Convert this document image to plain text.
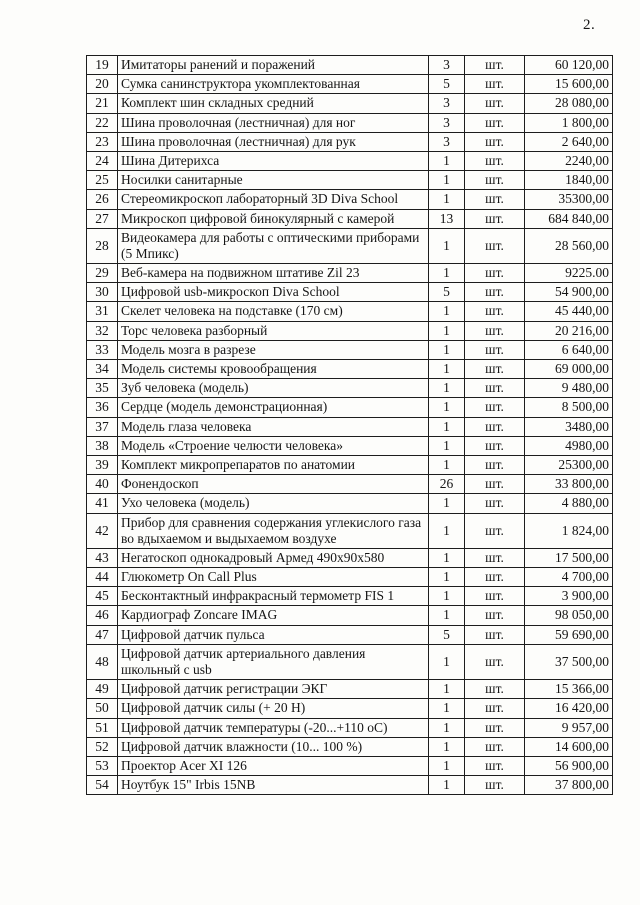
2.
19	Имитаторы ранений и поражений	3	шт.	60 120,00
20	Сумка санинструктора укомплектованная	5	шт.	15 600,00
21	Комплект шин складных средний	3	шт.	28 080,00
22	Шина проволочная (лестничная) для ног	3	шт.	1 800,00
23	Шина проволочная (лестничная) для рук	3	шт.	2 640,00
24	Шина Дитерихса	1	шт.	2240,00
25	Носилки санитарные	1	шт.	1840,00
26	Стереомикроскоп лабораторный 3D Diva School	1	шт.	35300,00
27	Микроскоп цифровой бинокулярный с камерой	13	шт.	684 840,00
28	Видеокамера для работы с оптическими приборами (5 Мпикс)	1	шт.	28 560,00
29	Веб-камера на подвижном штативе Zil 23	1	шт.	9225.00
30	Цифровой usb-микроскоп Diva School	5	шт.	54 900,00
31	Скелет человека на подставке (170 см)	1	шт.	45 440,00
32	Торс человека разборный	1	шт.	20 216,00
33	Модель мозга в разрезе	1	шт.	6 640,00
34	Модель системы кровообращения	1	шт.	69 000,00
35	Зуб человека (модель)	1	шт.	9 480,00
36	Сердце (модель демонстрационная)	1	шт.	8 500,00
37	Модель глаза человека	1	шт.	3480,00
38	Модель «Строение челюсти человека»	1	шт.	4980,00
39	Комплект микропрепаратов по анатомии	1	шт.	25300,00
40	Фонендоскоп	26	шт.	33 800,00
41	Ухо человека (модель)	1	шт.	4 880,00
42	Прибор для сравнения содержания углекислого газа во вдыхаемом и выдыхаемом воздухе	1	шт.	1 824,00
43	Негатоскоп однокадровый Армед 490х90х580	1	шт.	17 500,00
44	Глюкометр On Call Plus	1	шт.	4 700,00
45	Бесконтактный инфракрасный термометр FIS 1	1	шт.	3 900,00
46	Кардиограф Zoncare IMAG	1	шт.	98 050,00
47	Цифровой датчик пульса	5	шт.	59 690,00
48	Цифровой датчик артериального давления школьный с usb	1	шт.	37 500,00
49	Цифровой датчик регистрации ЭКГ	1	шт.	15 366,00
50	Цифровой датчик силы (+ 20 Н)	1	шт.	16 420,00
51	Цифровой датчик температуры (-20...+110 оС)	1	шт.	9 957,00
52	Цифровой датчик влажности (10... 100 %)	1	шт.	14 600,00
53	Проектор Acer XI 126	1	шт.	56 900,00
54	Ноутбук 15" Irbis 15NB	1	шт.	37 800,00
